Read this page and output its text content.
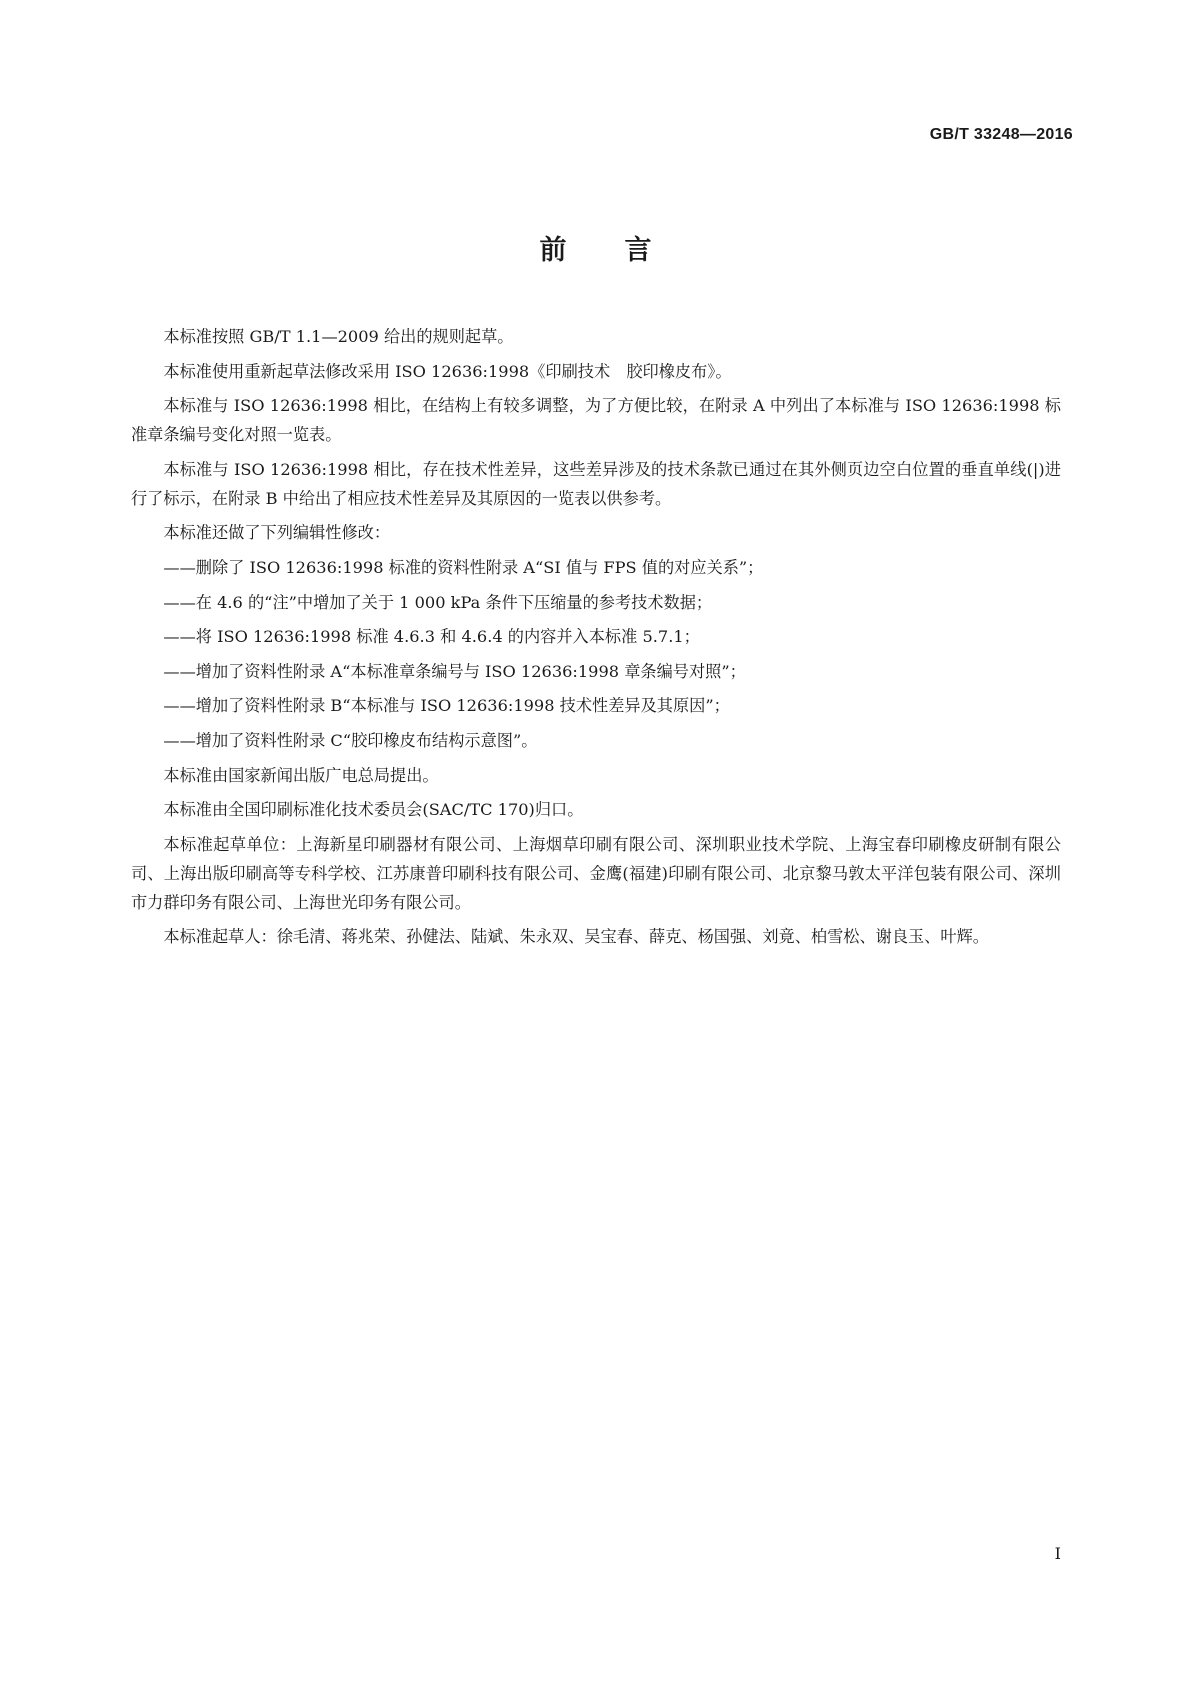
GB/T 33248—2016
前言

本标准按照 GB/T 1.1—2009 给出的规则起草。

本标准使用重新起草法修改采用 ISO 12636:1998《印刷技术　胶印橡皮布》。

本标准与 ISO 12636:1998 相比，在结构上有较多调整，为了方便比较，在附录 A 中列出了本标准与 ISO 12636:1998 标准章条编号变化对照一览表。

本标准与 ISO 12636:1998 相比，存在技术性差异，这些差异涉及的技术条款已通过在其外侧页边空白位置的垂直单线(|)进行了标示，在附录 B 中给出了相应技术性差异及其原因的一览表以供参考。

本标准还做了下列编辑性修改：

——删除了 ISO 12636:1998 标准的资料性附录 A“SI 值与 FPS 值的对应关系”；

——在 4.6 的“注”中增加了关于 1 000 kPa 条件下压缩量的参考技术数据；

——将 ISO 12636:1998 标准 4.6.3 和 4.6.4 的内容并入本标准 5.7.1；

——增加了资料性附录 A“本标准章条编号与 ISO 12636:1998 章条编号对照”；

——增加了资料性附录 B“本标准与 ISO 12636:1998 技术性差异及其原因”；

——增加了资料性附录 C“胶印橡皮布结构示意图”。

本标准由国家新闻出版广电总局提出。

本标准由全国印刷标准化技术委员会(SAC/TC 170)归口。

本标准起草单位：上海新星印刷器材有限公司、上海烟草印刷有限公司、深圳职业技术学院、上海宝春印刷橡皮研制有限公司、上海出版印刷高等专科学校、江苏康普印刷科技有限公司、金鹰(福建)印刷有限公司、北京黎马敦太平洋包装有限公司、深圳市力群印务有限公司、上海世光印务有限公司。

本标准起草人：徐毛清、蒋兆荣、孙健法、陆斌、朱永双、吴宝春、薛克、杨国强、刘竟、柏雪松、谢良玉、叶辉。

I
